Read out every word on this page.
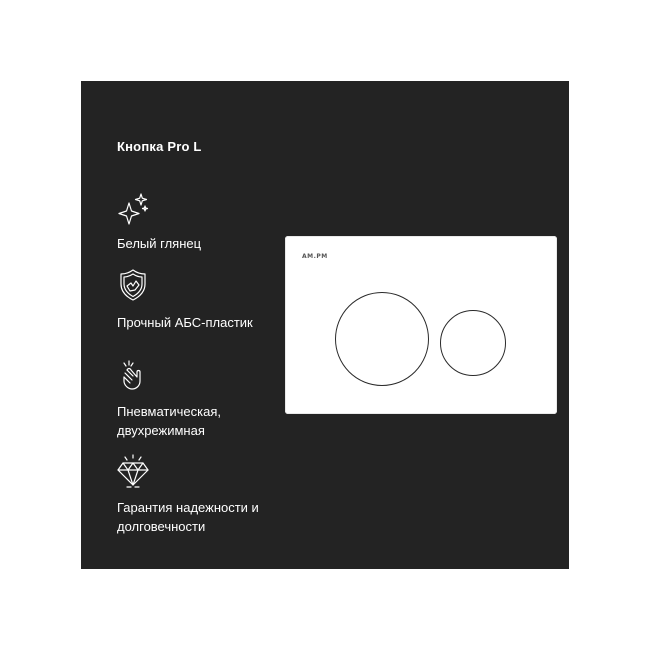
Кнопка Pro L
Белый глянец
Прочный АБС-пластик
Пневматическая,
двухрежимная
Гарантия надежности и
долговечности
AM.PM
